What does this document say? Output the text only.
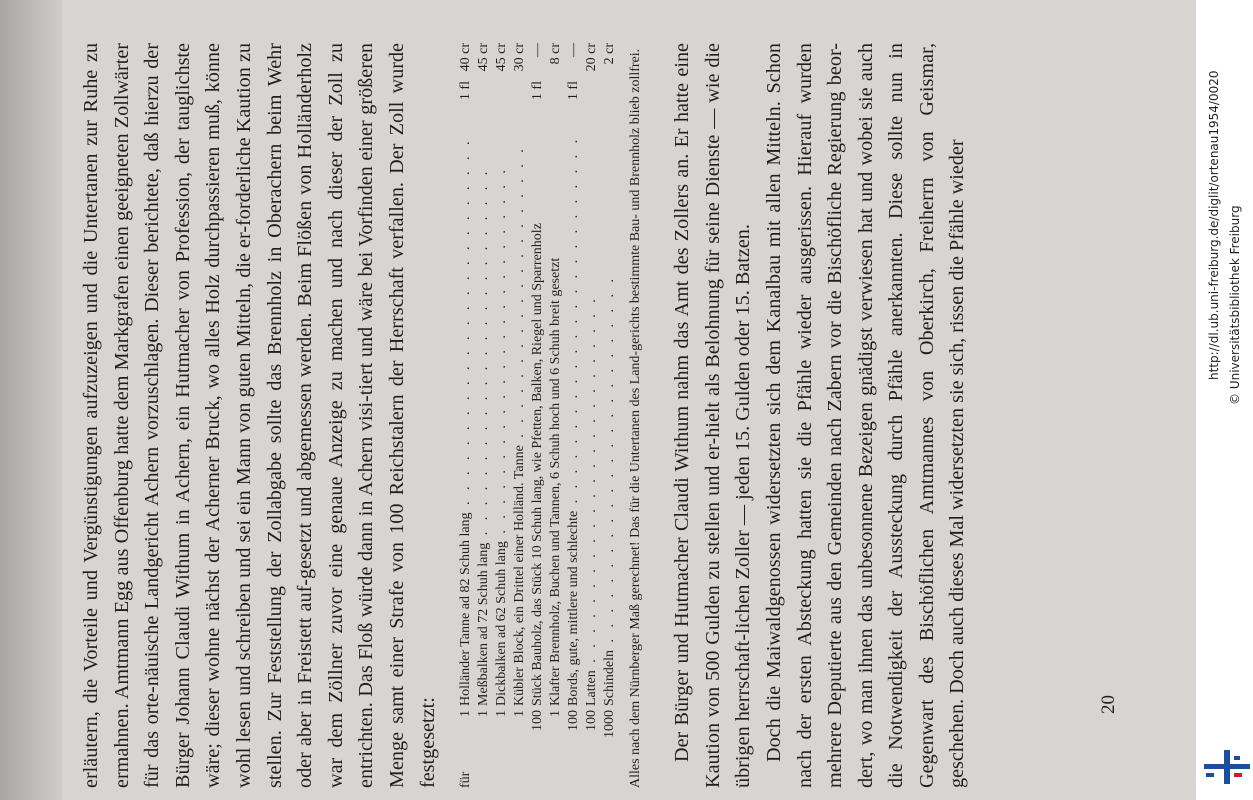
erläutern, die Vorteile und Vergünstigungen aufzuzeigen und die Untertanen zur Ruhe zu ermahnen. Amtmann Egg aus Offenburg hatte dem Markgrafen einen geeigneten Zollwärter für das orte-näuische Landgericht Achern vorzuschlagen. Dieser berichtete, daß hierzu der Bürger Johann Claudi Withum in Achern, ein Hutmacher von Profession, der tauglichste wäre; dieser wohne nächst der Acherner Bruck, wo alles Holz durchpassieren muß, könne wohl lesen und schreiben und sei ein Mann von guten Mitteln, die er-forderliche Kaution zu stellen. Zur Feststellung der Zollabgabe sollte das Brennholz in Oberachern beim Wehr oder aber in Freistett auf-gesetzt und abgemessen werden. Beim Flößen von Holländerholz war dem Zöllner zuvor eine genaue Anzeige zu machen und nach dieser der Zoll zu entrichten. Das Floß würde dann in Achern visi-tiert und wäre bei Vorfinden einer größeren Menge samt einer Strafe von 100 Reichstalern der Herrschaft verfallen. Der Zoll wurde festgesetzt:	für
1
Holländer Tanne ad 82 Schuh lang . .
1 fl
40 cr
1
Meßbalken ad 72 Schuh lang . .
45 cr
1
Dickbalken ad 62 Schuh lang . .
45 cr
1
Kübler Block, ein Drittel einer Holländ. Tanne . .
30 cr
100
Stück Bauholz, das Stück 10 Schuh lang, wie Pfetten, Balken, Riegel und Sparrenholz
1 fl
—
1
Klafter Brennholz, Buchen und Tannen, 6 Schuh hoch und 6 Schuh breit gesetzt
8 cr
100
Bords, gute, mittlere und schlechte . .
1 fl
—
100
Latten . .
20 cr
1000
Schindeln . .
2 cr Alles nach dem Nürnberger Maß gerechnet! Das für die Untertanen des Land-gerichts bestimmte Bau- und Brennholz blieb zollfrei. Der Bürger und Hutmacher Claudi Withum nahm das Amt des Zollers an. Er hatte eine Kaution von 500 Gulden zu stellen und er-hielt als Belohnung für seine Dienste — wie die übrigen herrschaft-lichen Zoller — jeden 15. Gulden oder 15. Batzen. Doch die Maiwaldgenossen widersetzten sich dem Kanalbau mit allen Mitteln. Schon nach der ersten Absteckung hatten sie die Pfähle wieder ausgerissen. Hierauf wurden mehrere Deputierte aus den Gemeinden nach Zabern vor die Bischöfliche Regierung beor-dert, wo man ihnen das unbesonnene Bezeigen gnädigst verwiesen hat und wobei sie auch die Notwendigkeit der Aussteckung durch Pfähle anerkannten. Diese sollte nun in Gegenwart des Bischöflichen Amtmannes von Oberkirch, Freiherrn von Geismar, geschehen. Doch auch dieses Mal widersetzten sie sich, rissen die Pfähle wieder	20
http://dl.ub.uni-freiburg.de/diglit/ortenau1954/0020 © Universitätsbibliothek Freiburg
